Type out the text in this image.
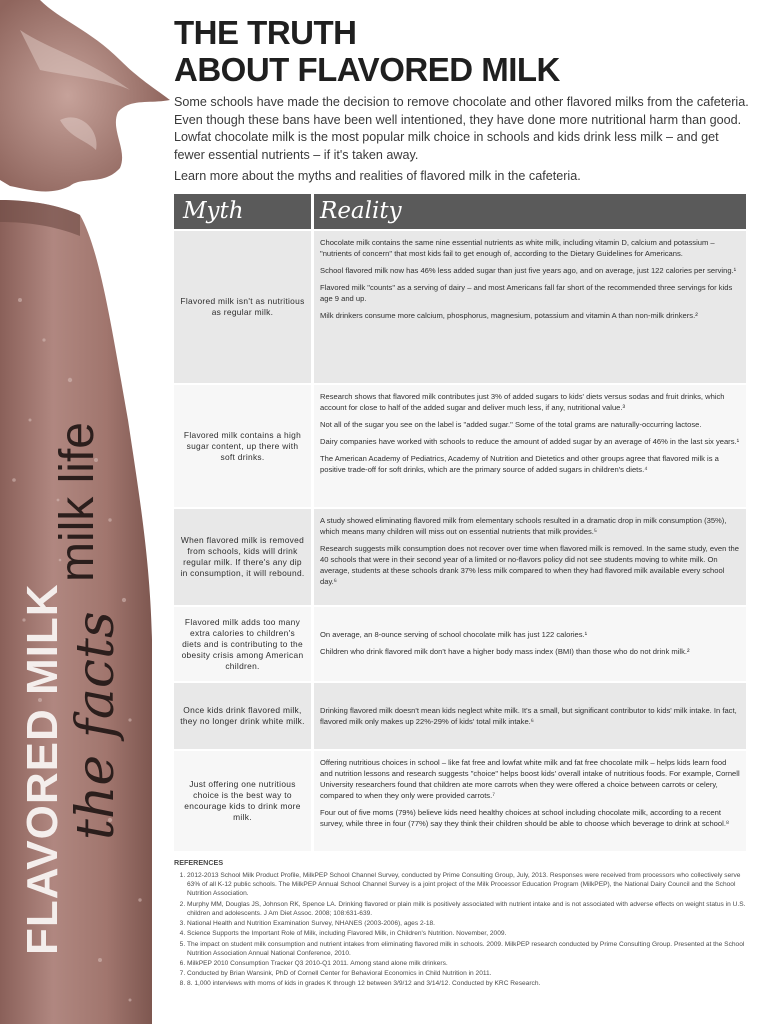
FLAVORED MILK the facts
milk life
THE TRUTH
ABOUT FLAVORED MILK

Some schools have made the decision to remove chocolate and other flavored milks from the cafeteria. Even though these bans have been well intentioned, they have done more nutritional harm than good. Lowfat chocolate milk is the most popular milk choice in schools and kids drink less milk – and get fewer essential nutrients – if it's taken away.

Learn more about the myths and realities of flavored milk in the cafeteria.

Myth	Reality
Flavored milk isn't as nutritious as regular milk.

Chocolate milk contains the same nine essential nutrients as white milk, including vitamin D, calcium and potassium – "nutrients of concern" that most kids fail to get enough of, according to the Dietary Guidelines for Americans.

School flavored milk now has 46% less added sugar than just five years ago, and on average, just 122 calories per serving.¹

Flavored milk "counts" as a serving of dairy – and most Americans fall far short of the recommended three servings for kids age 9 and up.

Milk drinkers consume more calcium, phosphorus, magnesium, potassium and vitamin A than non-milk drinkers.²

Flavored milk contains a high sugar content, up there with soft drinks.

Research shows that flavored milk contributes just 3% of added sugars to kids' diets versus sodas and fruit drinks, which account for close to half of the added sugar and deliver much less, if any, nutritional value.³

Not all of the sugar you see on the label is "added sugar." Some of the total grams are naturally-occurring lactose.

Dairy companies have worked with schools to reduce the amount of added sugar by an average of 46% in the last six years.¹

The American Academy of Pediatrics, Academy of Nutrition and Dietetics and other groups agree that flavored milk is a positive trade-off for soft drinks, which are the primary source of added sugars in children's diets.⁴

When flavored milk is removed from schools, kids will drink regular milk. If there's any dip in consumption, it will rebound.

A study showed eliminating flavored milk from elementary schools resulted in a dramatic drop in milk consumption (35%), which means many children will miss out on essential nutrients that milk provides.⁵

Research suggests milk consumption does not recover over time when flavored milk is removed. In the same study, even the 40 schools that were in their second year of a limited or no-flavors policy did not see students moving to white milk. On average, students at these schools drank 37% less milk compared to when they had flavored milk available every school day.⁶

Flavored milk adds too many extra calories to children's diets and is contributing to the obesity crisis among American children.

On average, an 8-ounce serving of school chocolate milk has just 122 calories.¹

Children who drink flavored milk don't have a higher body mass index (BMI) than those who do not drink milk.²

Once kids drink flavored milk, they no longer drink white milk.

Drinking flavored milk doesn't mean kids neglect white milk. It's a small, but significant contributor to kids' milk intake. In fact, flavored milk only makes up 22%-29% of kids' total milk intake.⁶

Just offering one nutritious choice is the best way to encourage kids to drink more milk.

Offering nutritious choices in school – like fat free and lowfat white milk and fat free chocolate milk – helps kids learn food and nutrition lessons and research suggests "choice" helps boost kids' overall intake of nutritious foods. For example, Cornell University researchers found that children ate more carrots when they were offered a choice between carrots or celery, compared to when they only were provided carrots.⁷

Four out of five moms (79%) believe kids need healthy choices at school including chocolate milk, according to a recent survey, while three in four (77%) say they think their children should be able to choose which beverage to drink at school.⁸

REFERENCES
1. 2012-2013 School Milk Product Profile, MilkPEP School Channel Survey, conducted by Prime Consulting Group, July, 2013. Responses were received from processors who collectively serve 63% of all K-12 public schools. The MilkPEP Annual School Channel Survey is a joint project of the Milk Processor Education Program (MilkPEP), the National Dairy Council and the School Nutrition Association.
2. Murphy MM, Douglas JS, Johnson RK, Spence LA. Drinking flavored or plain milk is positively associated with nutrient intake and is not associated with adverse effects on weight status in U.S. children and adolescents. J Am Diet Assoc. 2008; 108:631-639.
3. National Health and Nutrition Examination Survey, NHANES (2003-2006), ages 2-18.
4. Science Supports the Important Role of Milk, including Flavored Milk, in Children's Nutrition. November, 2009.
5. The impact on student milk consumption and nutrient intakes from eliminating flavored milk in schools. 2009. MilkPEP research conducted by Prime Consulting Group. Presented at the School Nutrition Association Annual National Conference, 2010.
6. MilkPEP 2010 Consumption Tracker Q3 2010-Q1 2011. Among stand alone milk drinkers.
7. Conducted by Brian Wansink, PhD of Cornell Center for Behavioral Economics in Child Nutrition in 2011.
8. 8. 1,000 interviews with moms of kids in grades K through 12 between 3/9/12 and 3/14/12. Conducted by KRC Research.
